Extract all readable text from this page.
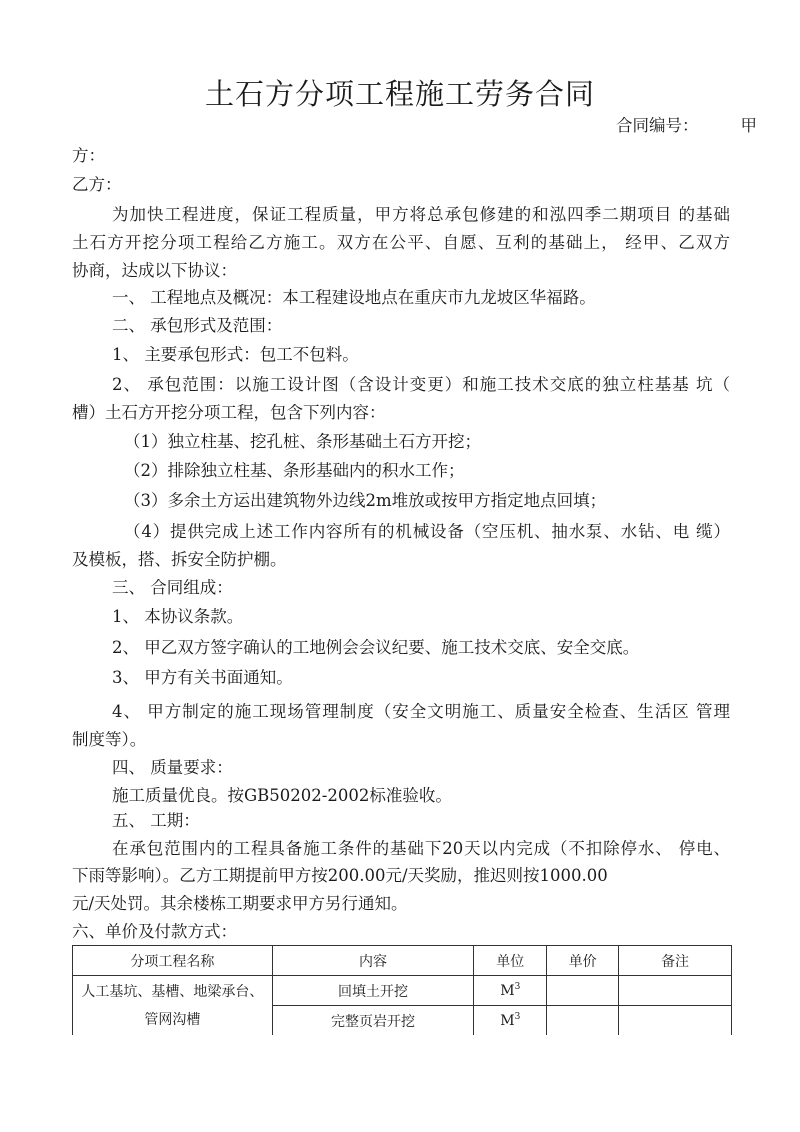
土石方分项工程施工劳务合同
合同编号：	甲
方：
乙方：
为加快工程进度，保证工程质量，甲方将总承包修建的和泓四季二期项目 的基础
土石方开挖分项工程给乙方施工。双方在公平、自愿、互利的基础上， 经甲、乙双方
协商，达成以下协议：
一、 工程地点及概况：本工程建设地点在重庆市九龙坡区华福路。
二、 承包形式及范围：
1、 主要承包形式：包工不包料。
2、 承包范围：以施工设计图（含设计变更）和施工技术交底的独立柱基基 坑（
槽）土石方开挖分项工程，包含下列内容：
（1）独立柱基、挖孔桩、条形基础土石方开挖；
（2）排除独立柱基、条形基础内的积水工作；
（3）多余土方运出建筑物外边线2m堆放或按甲方指定地点回填；
（4）提供完成上述工作内容所有的机械设备（空压机、抽水泵、水钻、电 缆）
及模板，搭、拆安全防护棚。
三、 合同组成：
1、 本协议条款。
2、 甲乙双方签字确认的工地例会会议纪要、施工技术交底、安全交底。
3、 甲方有关书面通知。
4、 甲方制定的施工现场管理制度（安全文明施工、质量安全检查、生活区 管理
制度等）。
四、 质量要求：
施工质量优良。按GB50202-2002标准验收。
五、 工期：
在承包范围内的工程具备施工条件的基础下20天以内完成（不扣除停水、 停电、
下雨等影响）。乙方工期提前甲方按200.00元/天奖励，推迟则按1000.00
元/天处罚。其余楼栋工期要求甲方另行通知。
六、单价及付款方式：
分项工程名称	内容	单位	单价	备注

人工基坑、基槽、地梁承台、
管网沟槽	回填土开挖	$M^3$		
	完整页岩开挖	$M^3$		
